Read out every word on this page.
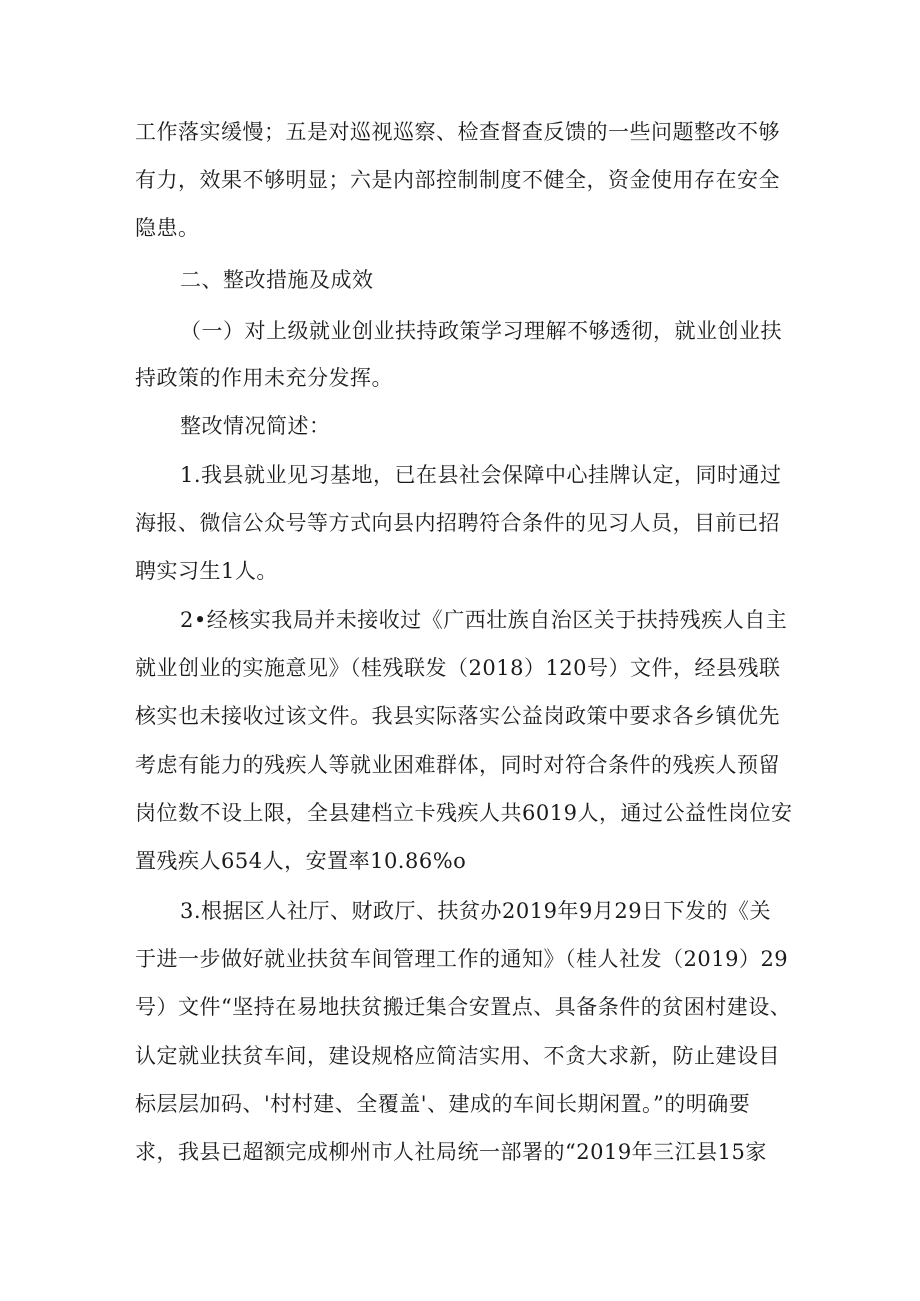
工作落实缓慢；五是对巡视巡察、检查督查反馈的一些问题整改不够
有力，效果不够明显；六是内部控制制度不健全，资金使用存在安全
隐患。
二、整改措施及成效
（一）对上级就业创业扶持政策学习理解不够透彻，就业创业扶
持政策的作用未充分发挥。
整改情况简述：
1.我县就业见习基地，已在县社会保障中心挂牌认定，同时通过
海报、微信公众号等方式向县内招聘符合条件的见习人员，目前已招
聘实习生1人。
2•经核实我局并未接收过《广西壮族自治区关于扶持残疾人自主
就业创业的实施意见》（桂残联发（2018）120号）文件，经县残联
核实也未接收过该文件。我县实际落实公益岗政策中要求各乡镇优先
考虑有能力的残疾人等就业困难群体，同时对符合条件的残疾人预留
岗位数不设上限，全县建档立卡残疾人共6019人，通过公益性岗位安
置残疾人654人，安置率10.86%o
3.根据区人社厅、财政厅、扶贫办2019年9月29日下发的《关
于进一步做好就业扶贫车间管理工作的通知》（桂人社发（2019）29
号）文件“坚持在易地扶贫搬迁集合安置点、具备条件的贫困村建设、
认定就业扶贫车间，建设规格应简洁实用、不贪大求新，防止建设目
标层层加码、'村村建、全覆盖'、建成的车间长期闲置。”的明确要
求，我县已超额完成柳州市人社局统一部署的“2019年三江县15家
